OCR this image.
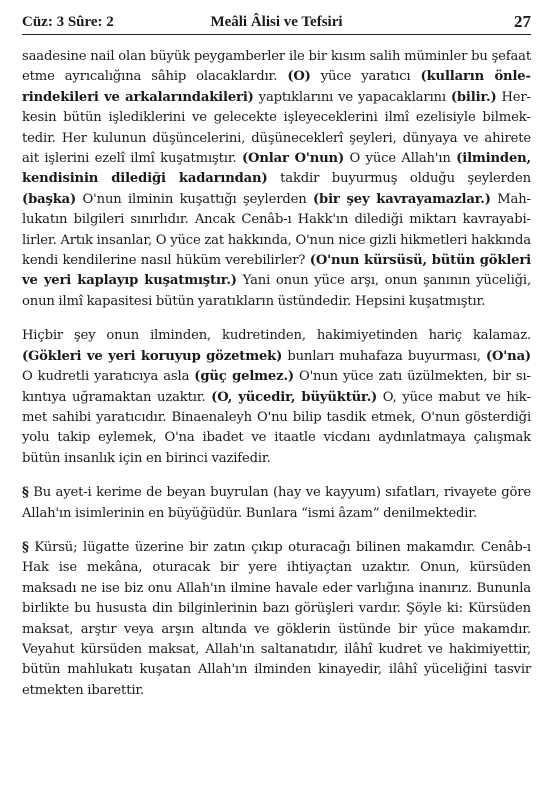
Cüz: 3 Sûre: 2	Meâli Âlisi ve Tefsiri	27

saadesine nail olan büyük peygamberler ile bir kısım salih müminler bu şefaat etme ayrıcalığına sâhip olacaklardır. (O) yüce yaratıcı (kulların önlerindekileri ve arkalarındakileri) yaptıklarını ve yapacaklarını (bilir.) Herkesin bütün işlediklerini ve gelecekte işleyeceklerini ilmî ezelisiyle bilmektedir. Her kulunun düşüncelerini, düşüneceklerî şeyleri, dünyaya ve ahirete ait işlerini ezelî ilmî kuşatmıştır. (Onlar O'nun) O yüce Allah'ın (ilminden, kendisinin dilediği kadarından) takdir buyurmuş olduğu şeylerden (başka) O'nun ilminin kuşattığı şeylerden (bir şey kavrayamazlar.) Mahlukatın bilgileri sınırlıdır. Ancak Cenâb-ı Hakk'ın dilediği miktarı kavrayabilirler. Artık insanlar, O yüce zat hakkında, O'nun nice gizli hikmetleri hakkında kendi kendilerine nasıl hüküm verebilirler? (O'nun kürsüsü, bütün gökleri ve yeri kaplayıp kuşatmıştır.) Yani onun yüce arşı, onun şanının yüceliği, onun ilmî kapasitesi bütün yaratıkların üstündedir. Hepsini kuşatmıştır.

Hiçbir şey onun ilminden, kudretinden, hakimiyetinden hariç kalamaz. (Gökleri ve yeri koruyup gözetmek) bunları muhafaza buyurması, (O'na) O kudretli yaratıcıya asla (güç gelmez.) O'nun yüce zatı üzülmekten, bir sıkıntıya uğramaktan uzaktır. (O, yücedir, büyüktür.) O, yüce mabut ve hikmet sahibi yaratıcıdır. Binaenaleyh O'nu bilip tasdik etmek, O'nun gösterdiği yolu takip eylemek, O'na ibadet ve itaatle vicdanı aydınlatmaya çalışmak bütün insanlık için en birinci vazifedir.

§ Bu ayet-i kerime de beyan buyrulan (hay ve kayyum) sıfatları, rivayete göre Allah'ın isimlerinin en büyüğüdür. Bunlara “ismi âzam” denilmektedir.

§ Kürsü; lügatte üzerine bir zatın çıkıp oturacağı bilinen makamdır. Cenâb-ı Hak ise mekâna, oturacak bir yere ihtiyaçtan uzaktır. Onun, kürsüden maksadı ne ise biz onu Allah'ın ilmine havale eder varlığına inanırız. Bununla birlikte bu hususta din bilginlerinin bazı görüşleri vardır. Şöyle ki: Kürsüden maksat, arştır veya arşın altında ve göklerin üstünde bir yüce makamdır. Veyahut kürsüden maksat, Allah'ın saltanatıdır, ilâhî kudret ve hakimiyettir, bütün mahlukatı kuşatan Allah'ın ilminden kinayedir, ilâhî yüceliğini tasvir etmekten ibarettir.
